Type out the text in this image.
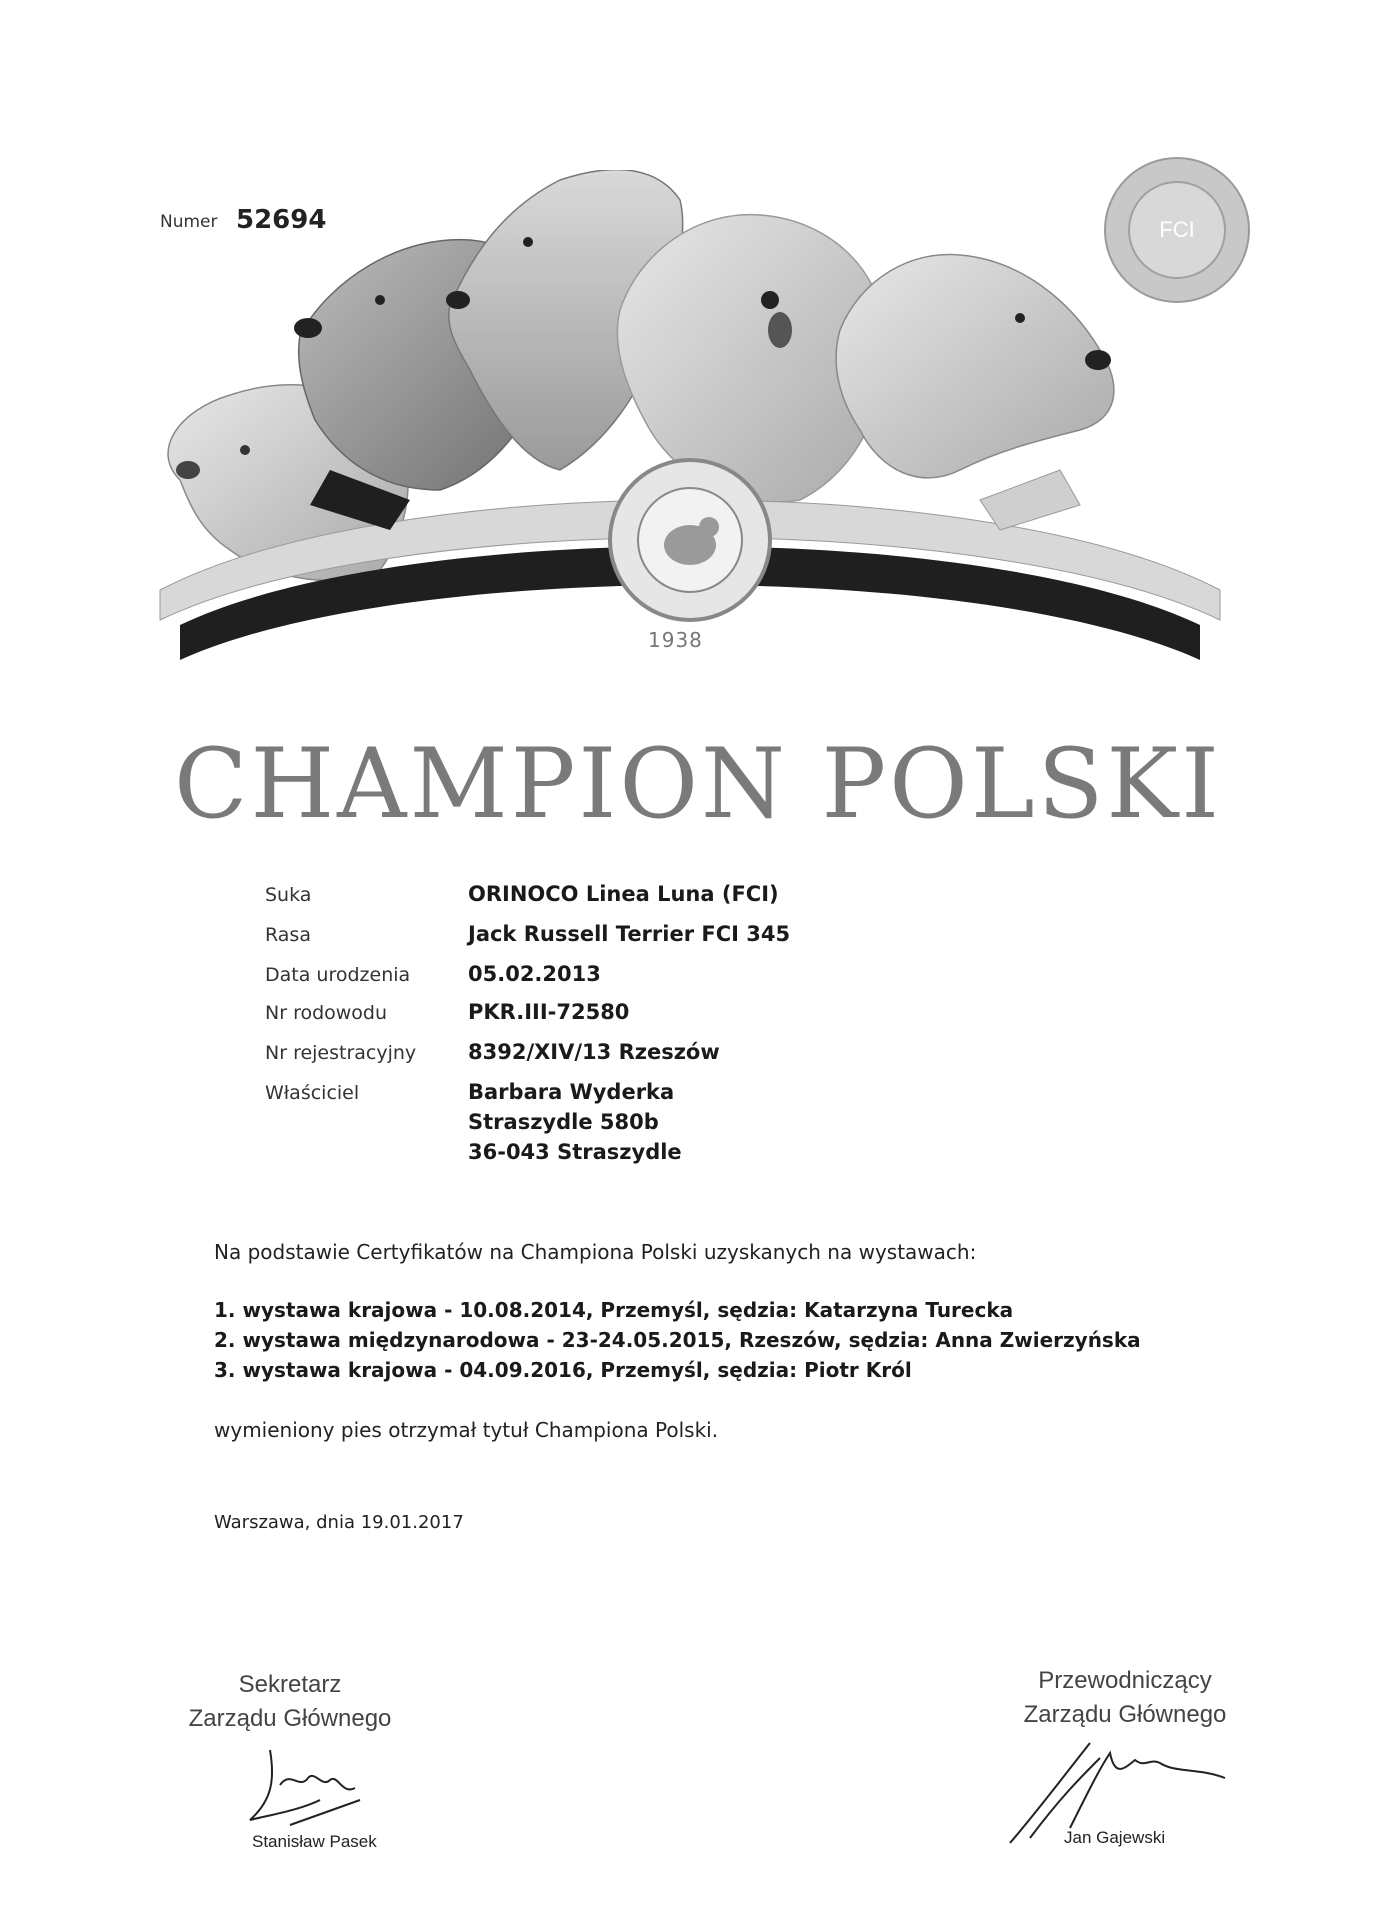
Numer 52694	FCI
1938
CHAMPION POLSKI
Suka	ORINOCO Linea Luna (FCI)
Rasa	Jack Russell Terrier FCI 345
Data urodzenia	05.02.2013
Nr rodowodu	PKR.III-72580
Nr rejestracyjny 8392/XIV/13 Rzeszów
Właściciel	Barbara Wyderka
Straszydle 580b
36-043 Straszydle
Na podstawie Certyfikatów na Championa Polski uzyskanych na wystawach:
1. wystawa krajowa - 10.08.2014, Przemyśl, sędzia: Katarzyna Turecka
2. wystawa międzynarodowa - 23-24.05.2015, Rzeszów, sędzia: Anna Zwierzyńska
3. wystawa krajowa - 04.09.2016, Przemyśl, sędzia: Piotr Król
wymieniony pies otrzymał tytuł Championa Polski.
Warszawa, dnia 19.01.2017
Sekretarz
Zarządu Głównego
Stanisław Pasek
Przewodniczący
Zarządu Głównego
Jan Gajewski
